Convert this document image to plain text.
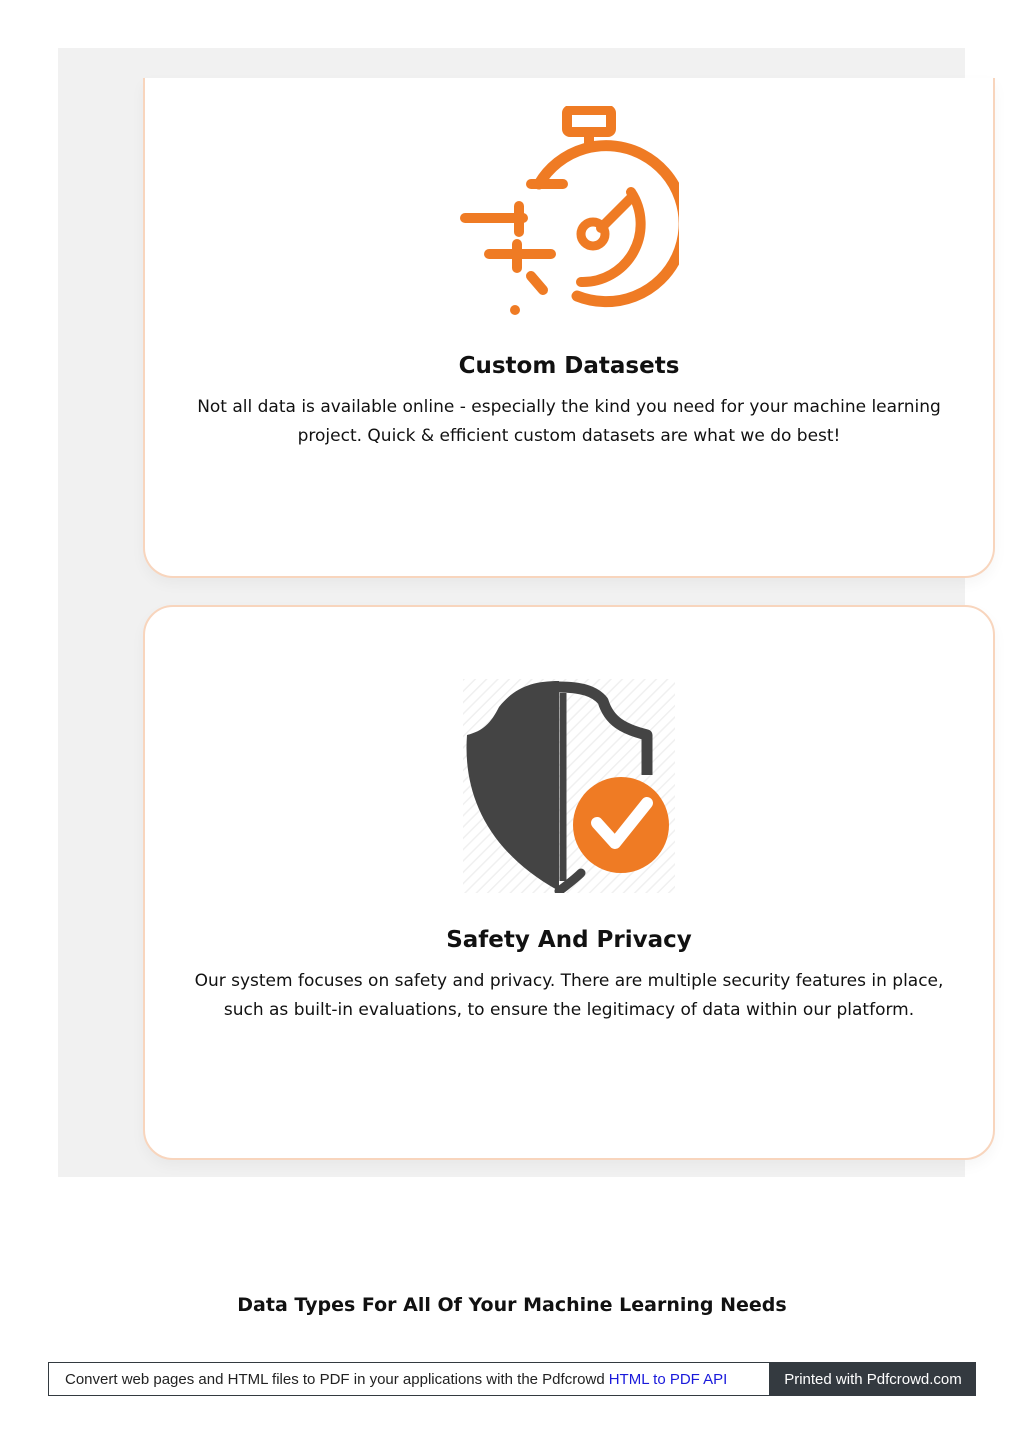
Custom Datasets

Not all data is available online - especially the kind you need for your machine learning project. Quick & efficient custom datasets are what we do best!

Safety And Privacy

Our system focuses on safety and privacy. There are multiple security features in place, such as built-in evaluations, to ensure the legitimacy of data within our platform.

Data Types For All Of Your Machine Learning Needs
Convert web pages and HTML files to PDF in your applications with the Pdfcrowd HTML to PDF API	Printed with Pdfcrowd.com
